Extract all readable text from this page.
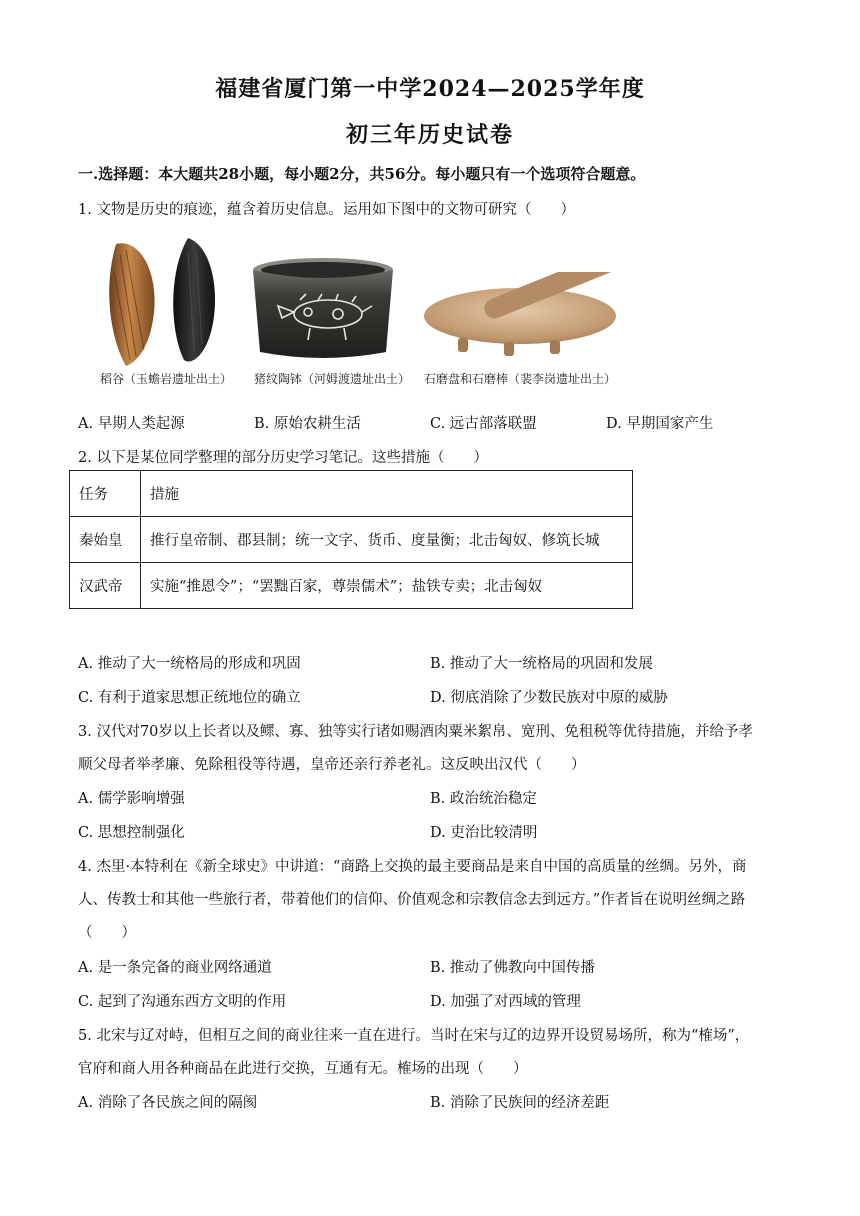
福建省厦门第一中学2024—2025学年度
初三年历史试卷
一.选择题：本大题共28小题，每小题2分，共56分。每小题只有一个选项符合题意。
1. 文物是历史的痕迹，蕴含着历史信息。运用如下图中的文物可研究（　　）
稻谷（玉蟾岩遗址出土） 猪纹陶钵（河姆渡遗址出土） 石磨盘和石磨棒（裴李岗遗址出土）
A. 早期人类起源	B. 原始农耕生活	C. 远古部落联盟	D. 早期国家产生
2. 以下是某位同学整理的部分历史学习笔记。这些措施（　　）
任务	措施
秦始皇	推行皇帝制、郡县制；统一文字、货币、度量衡；北击匈奴、修筑长城
汉武帝	实施“推恩令”；“罢黜百家，尊崇儒术”；盐铁专卖；北击匈奴
A. 推动了大一统格局的形成和巩固	B. 推动了大一统格局的巩固和发展
C. 有利于道家思想正统地位的确立	D. 彻底消除了少数民族对中原的威胁
3. 汉代对70岁以上长者以及鳏、寡、独等实行诸如赐酒肉粟米絮帛、宽刑、免租税等优待措施，并给予孝
顺父母者举孝廉、免除租役等待遇，皇帝还亲行养老礼。这反映出汉代（　　）
A. 儒学影响增强	B. 政治统治稳定
C. 思想控制强化	D. 吏治比较清明
4. 杰里·本特利在《新全球史》中讲道：“商路上交换的最主要商品是来自中国的高质量的丝绸。另外，商
人、传教士和其他一些旅行者，带着他们的信仰、价值观念和宗教信念去到远方。”作者旨在说明丝绸之路
（　　）
A. 是一条完备的商业网络通道	B. 推动了佛教向中国传播
C. 起到了沟通东西方文明的作用	D. 加强了对西域的管理
5. 北宋与辽对峙，但相互之间的商业往来一直在进行。当时在宋与辽的边界开设贸易场所，称为“榷场”，
官府和商人用各种商品在此进行交换，互通有无。榷场的出现（　　）
A. 消除了各民族之间的隔阂	B. 消除了民族间的经济差距
